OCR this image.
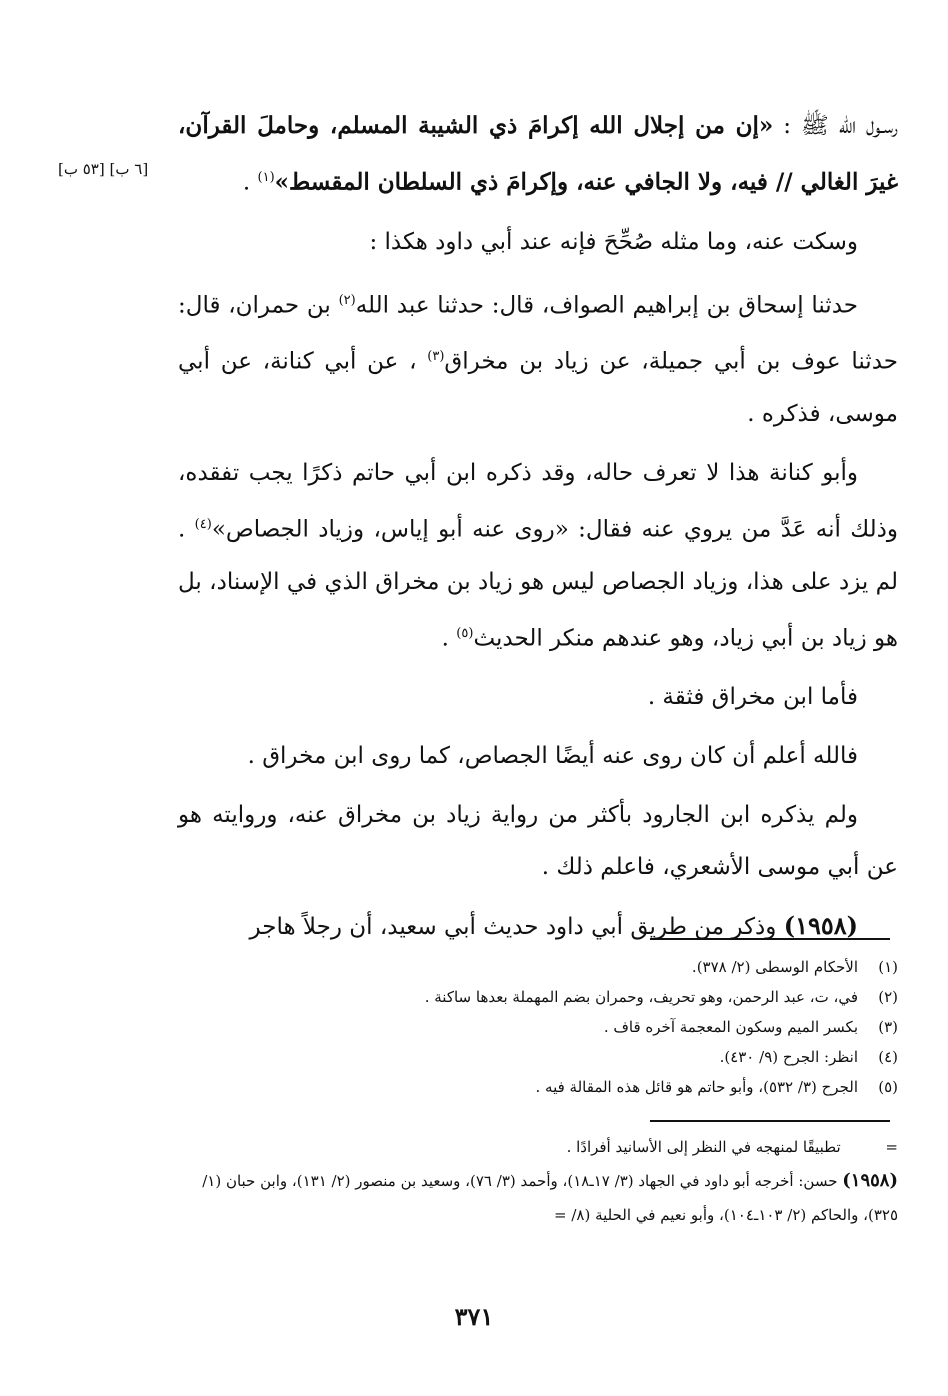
[٦ ب] [٥٣ ب]

رسـول الله ﷺ : «إن من إجلال الله إكرامَ ذي الشيبة المسلم، وحاملَ القرآن، غيرَ الغالي // فيه، ولا الجافي عنه، وإكرامَ ذي السلطان المقسط»$^{(١)}$ .

وسكت عنه، وما مثله صُحِّحَ فإنه عند أبي داود هكذا :

حدثنا إسحاق بن إبراهيم الصواف، قال: حدثنا عبد الله$^{(٢)}$ بن حمران، قال: حدثنا عوف بن أبي جميلة، عن زياد بن مخراق$^{(٣)}$ ، عن أبي كنانة، عن أبي موسى، فذكره .

وأبو كنانة هذا لا تعرف حاله، وقد ذكره ابن أبي حاتم ذكرًا يجب تفقده، وذلك أنه عَدَّ من يروي عنه فقال: «روى عنه أبو إياس، وزياد الجصاص»$^{(٤)}$ . لم يزد على هذا، وزياد الجصاص ليس هو زياد بن مخراق الذي في الإسناد، بل هو زياد بن أبي زياد، وهو عندهم منكر الحديث$^{(٥)}$ .

فأما ابن مخراق فثقة .

فالله أعلم أن كان روى عنه أيضًا الجصاص، كما روى ابن مخراق .

ولم يذكره ابن الجارود بأكثر من رواية زياد بن مخراق عنه، وروايته هو عن أبي موسى الأشعري، فاعلم ذلك .

(١٩٥٨) وذكر من طريق أبي داود حديث أبي سعيد، أن رجلاً هاجر

(١)
الأحكام الوسطى (٢/ ٣٧٨).
(٢)
في، ت، عبد الرحمن، وهو تحريف، وحمران بضم المهملة بعدها ساكنة .
(٣)
بكسر الميم وسكون المعجمة آخره قاف .
(٤)
انظر: الجرح (٩/ ٤٣٠).
(٥)
الجرح (٣/ ٥٣٢)، وأبو حاتم هو قائل هذه المقالة فيه .
= تطبيقًا لمنهجه في النظر إلى الأسانيد أفرادًا .
(١٩٥٨) حسن: أخرجه أبو داود في الجهاد (٣/ ١٧ـ١٨)، وأحمد (٣/ ٧٦)، وسعيد بن منصور (٢/ ١٣١)، وابن حبان (١/ ٣٢٥)، والحاكم (٢/ ١٠٣ـ١٠٤)، وأبو نعيم في الحلية (٨/ =
٣٧١
